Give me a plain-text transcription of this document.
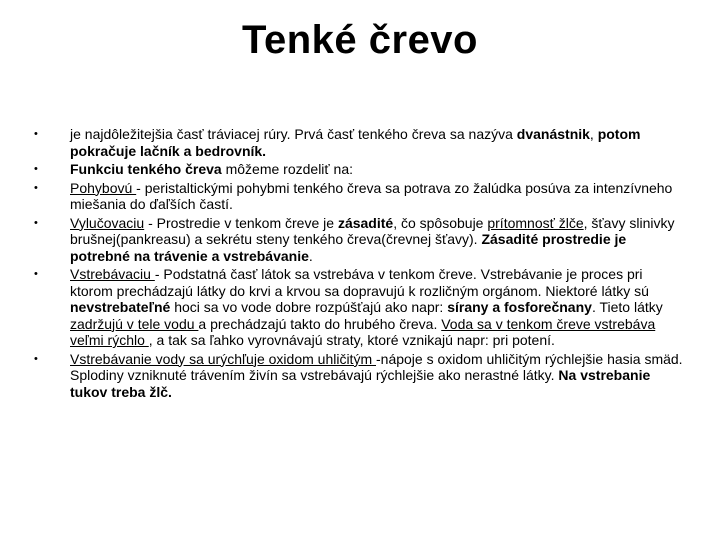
Tenké črevo
• je najdôležitejšia časť tráviacej rúry. Prvá časť tenkého čreva sa nazýva dvanástnik, potom pokračuje lačník a bedrovník.
• Funkciu tenkého čreva môžeme rozdeliť na:
• Pohybovú - peristaltickými pohybmi tenkého čreva sa potrava zo žalúdka posúva za intenzívneho miešania do ďaľších častí.
• Vylučovaciu - Prostredie v tenkom čreve je zásadité, čo spôsobuje prítomnosť žlče, šťavy slinivky brušnej(pankreasu) a sekrétu steny tenkého čreva(črevnej šťavy). Zásadité prostredie je potrebné na trávenie a vstrebávanie.
• Vstrebávaciu - Podstatná časť látok sa vstrebáva v tenkom čreve. Vstrebávanie je proces pri ktorom prechádzajú látky do krvi a krvou sa dopravujú k rozličným orgánom. Niektoré látky sú nevstrebateľné hoci sa vo vode dobre rozpúšťajú ako napr: sírany a fosforečnany. Tieto látky zadržujú v tele vodu a prechádzajú takto do hrubého čreva. Voda sa v tenkom čreve vstrebáva veľmi rýchlo , a tak sa ľahko vyrovnávajú straty, ktoré vznikajú napr: pri potení.
• Vstrebávanie vody sa urýchľuje oxidom uhličitým -nápoje s oxidom uhličitým rýchlejšie hasia smäd. Splodiny vzniknuté trávením živín sa vstrebávajú rýchlejšie ako nerastné látky. Na vstrebanie tukov treba žlč.
